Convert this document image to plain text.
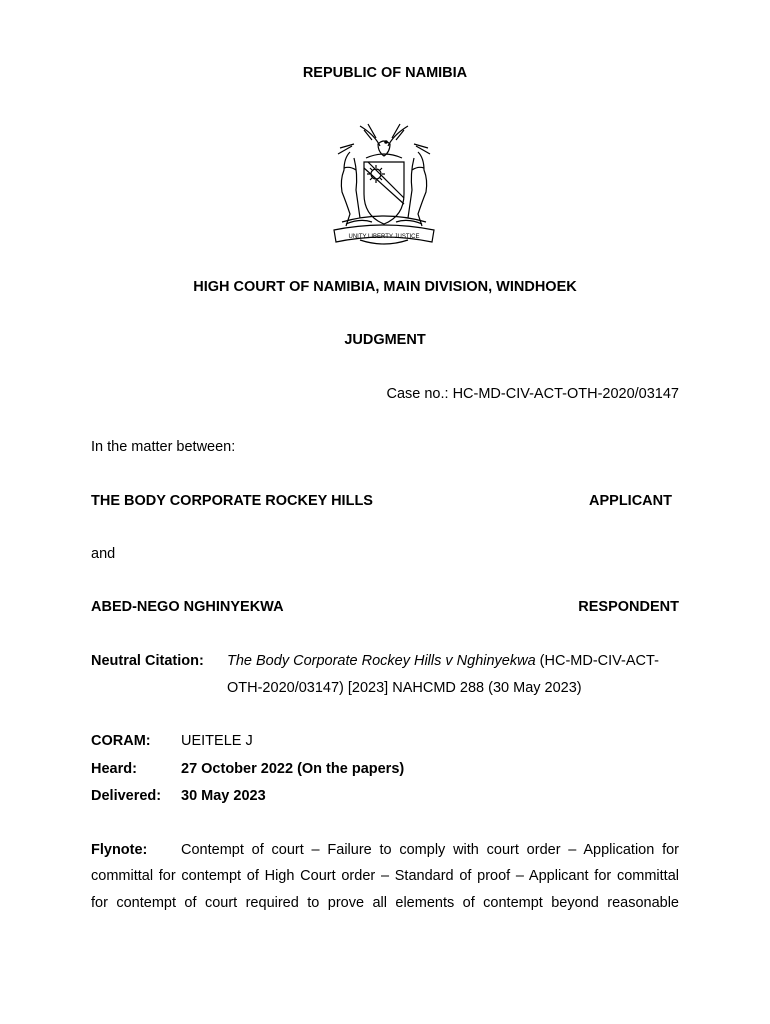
REPUBLIC OF NAMIBIA
UNITY LIBERTY JUSTICE
HIGH COURT OF NAMIBIA, MAIN DIVISION, WINDHOEK
JUDGMENT
Case no.: HC-MD-CIV-ACT-OTH-2020/03147
In the matter between:
THE BODY CORPORATE ROCKEY HILLS	APPLICANT
and
ABED-NEGO NGHINYEKWA	RESPONDENT
Neutral Citation: The Body Corporate Rockey Hills v Nghinyekwa (HC-MD-CIV-ACT-
OTH-2020/03147) [2023] NAHCMD 288 (30 May 2023)
CORAM: UEITELE J
Heard:	27 October 2022 (On the papers)
Delivered: 30 May 2023
Flynote: Contempt of court – Failure to comply with court order – Application for
committal for contempt of High Court order – Standard of proof – Applicant for committal
for contempt of court required to prove all elements of contempt beyond reasonable
